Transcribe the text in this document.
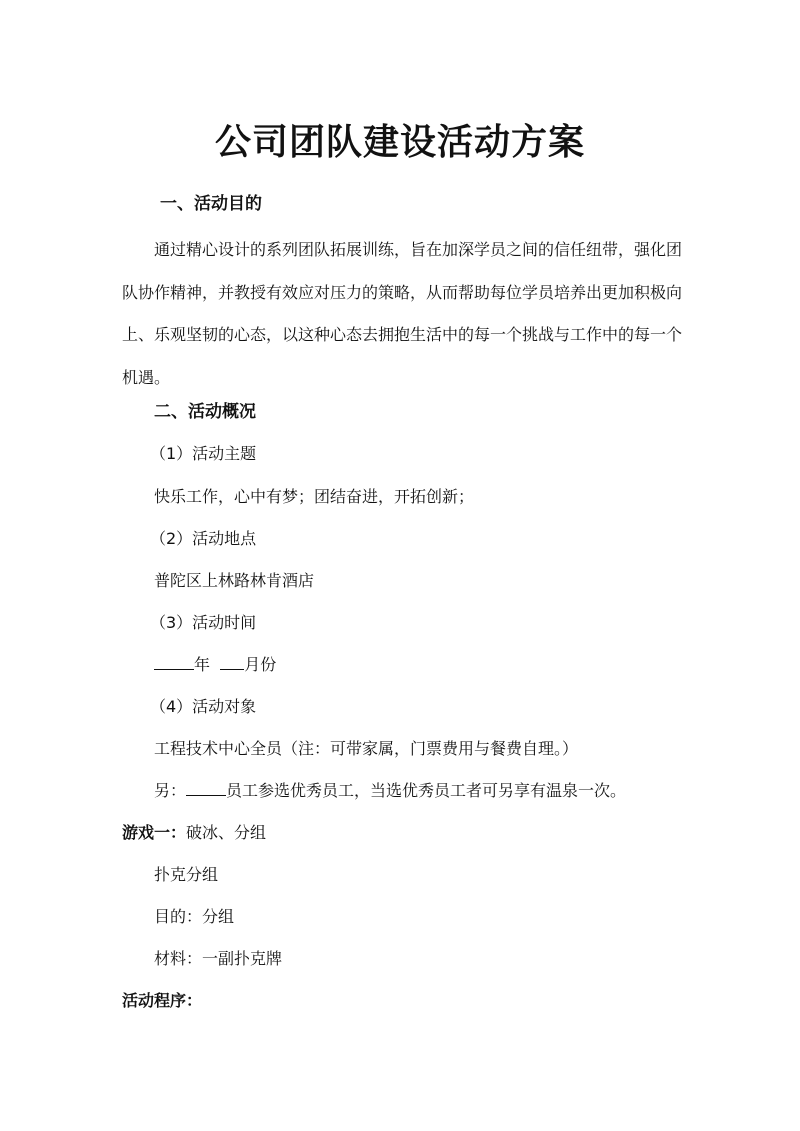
公司团队建设活动方案
一、活动目的
通过精心设计的系列团队拓展训练，旨在加深学员之间的信任纽带，强化团队协作精神，并教授有效应对压力的策略，从而帮助每位学员培养出更加积极向上、乐观坚韧的心态，以这种心态去拥抱生活中的每一个挑战与工作中的每一个机遇。
二、活动概况
（1）活动主题
快乐工作，心中有梦；团结奋进，开拓创新；
（2）活动地点
普陀区上林路林肯酒店
（3）活动时间
年 月份
（4）活动对象
工程技术中心全员（注：可带家属，门票费用与餐费自理。）
另：	员工参选优秀员工，当选优秀员工者可另享有温泉一次。
游戏一：破冰、分组
扑克分组
目的：分组
材料：一副扑克牌
活动程序：
